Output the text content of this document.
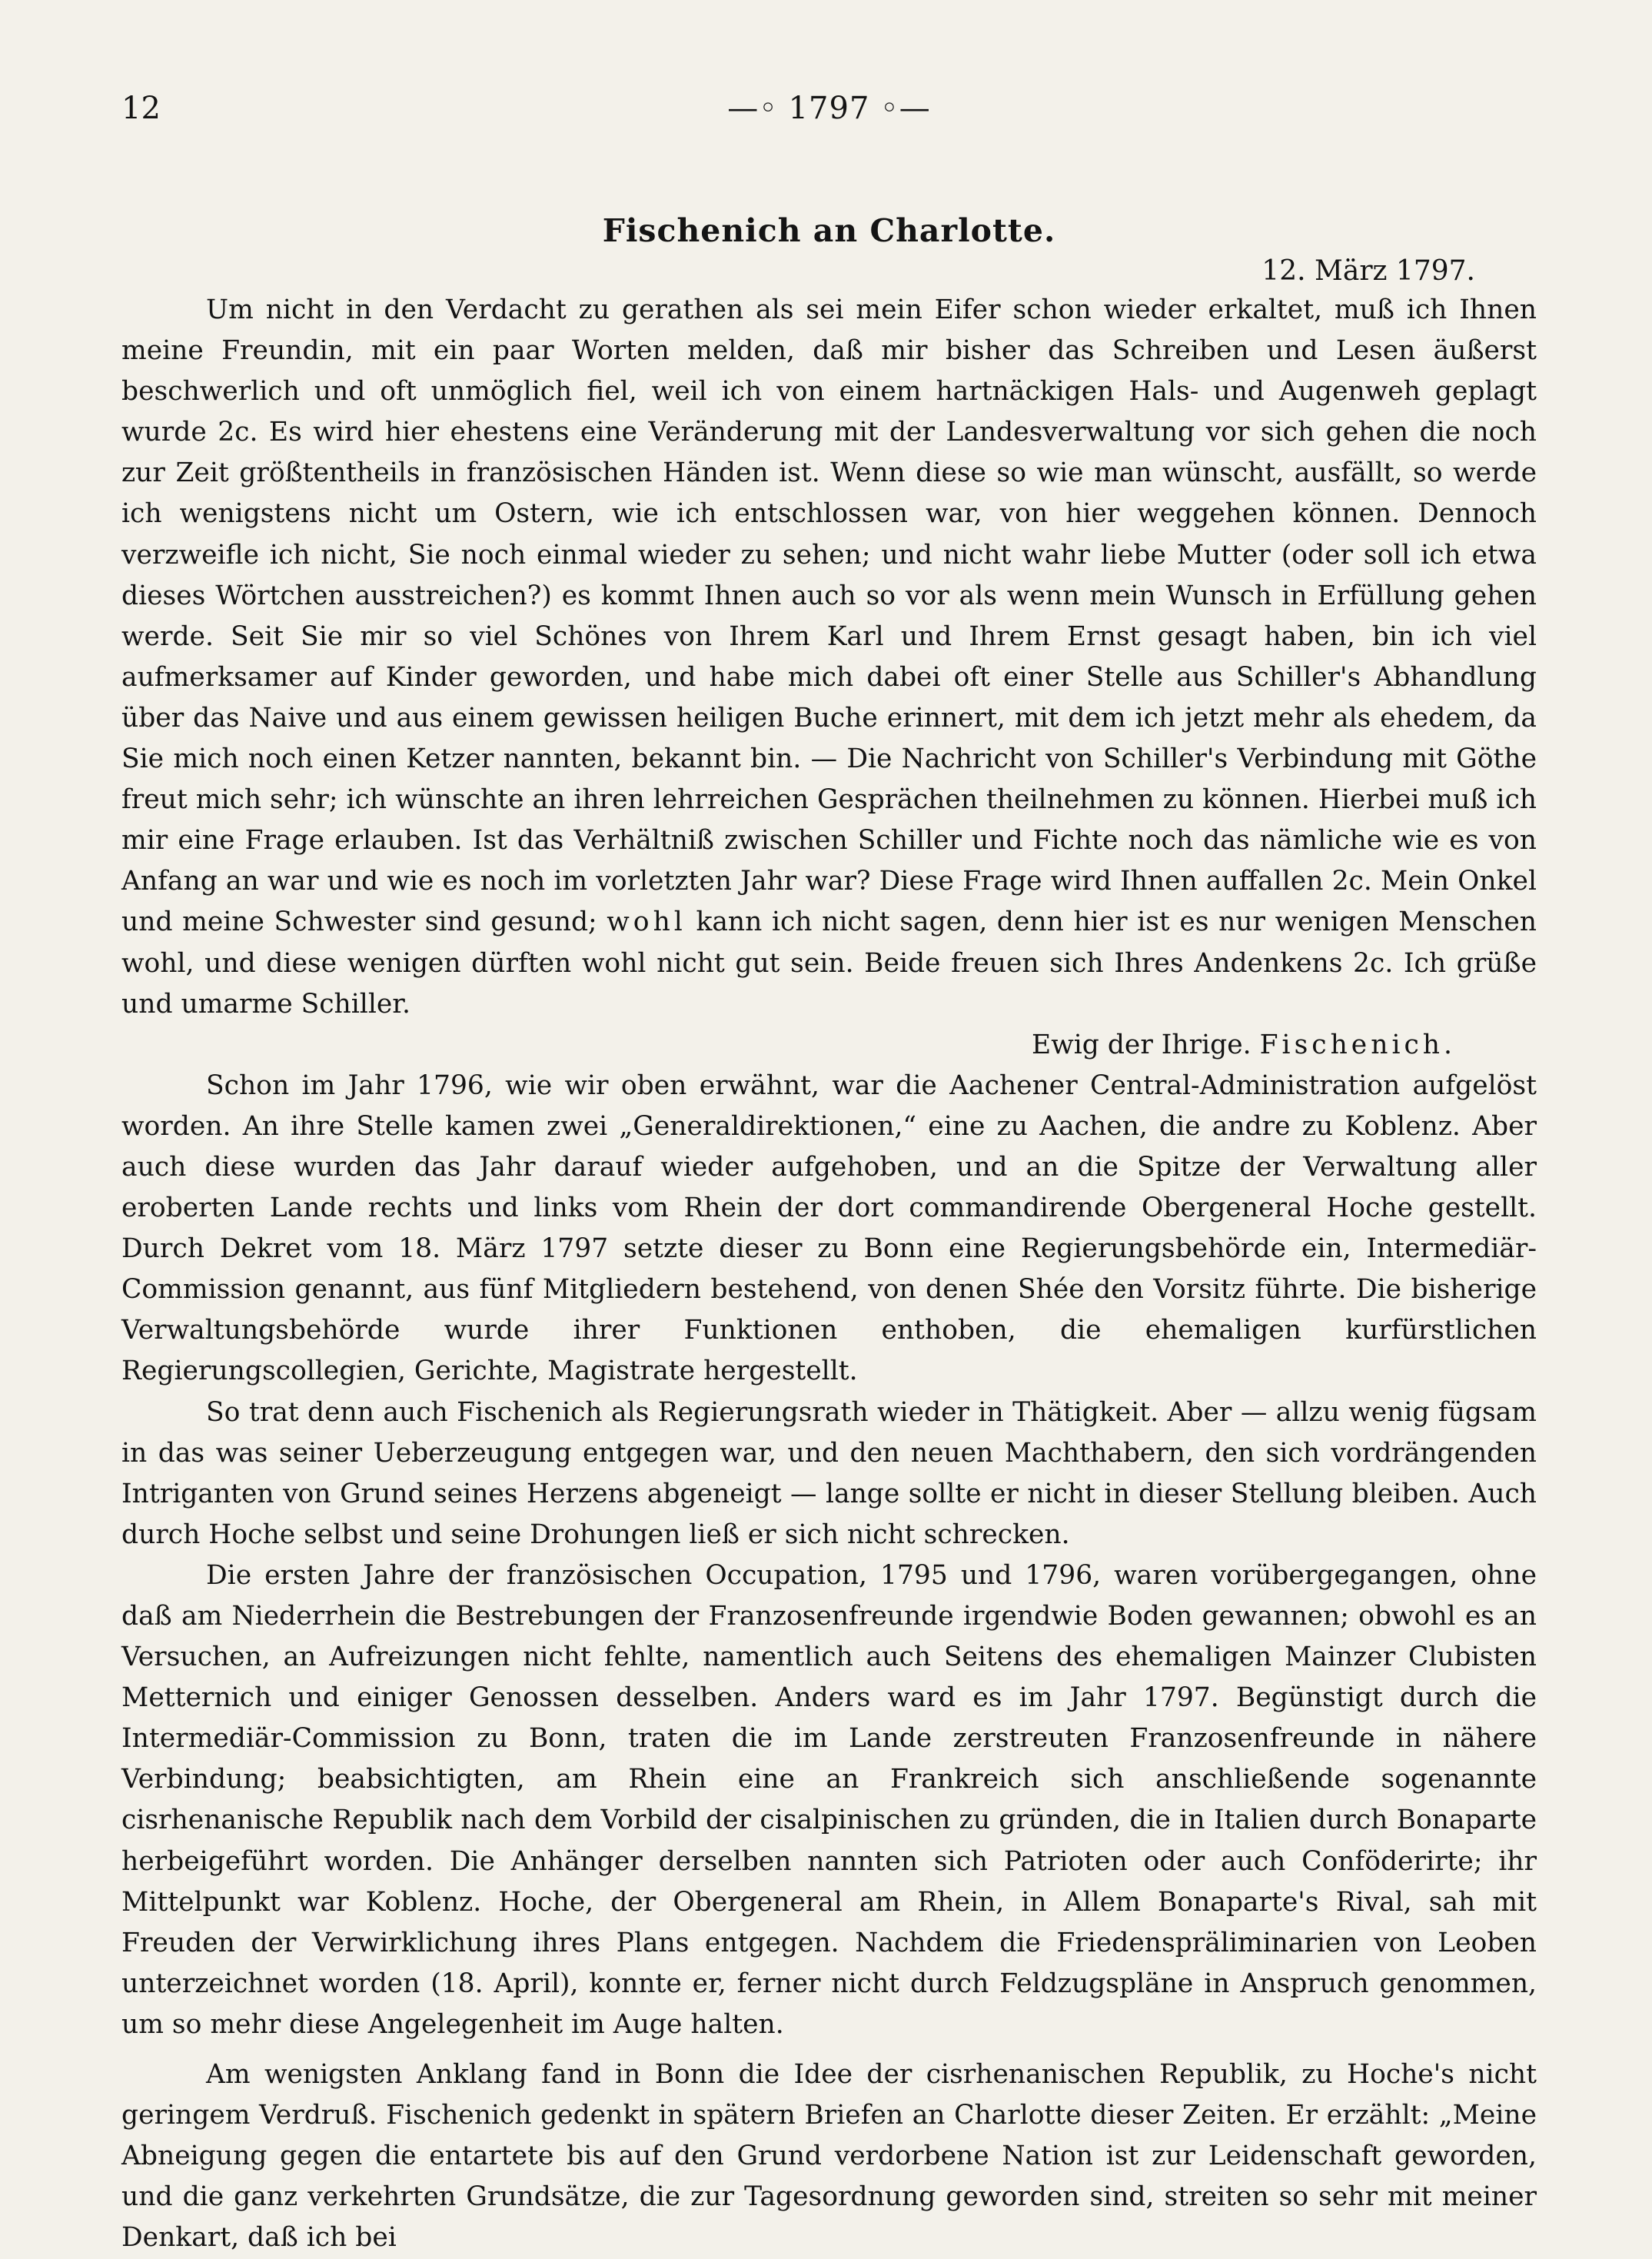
12	—◦ 1797 ◦—
Fischenich an Charlotte.
12. März 1797.

Um nicht in den Verdacht zu gerathen als sei mein Eifer schon wieder erkaltet, muß ich Ihnen meine Freundin, mit ein paar Worten melden, daß mir bisher das Schreiben und Lesen äußerst beschwerlich und oft unmöglich fiel, weil ich von einem hartnäckigen Hals- und Augenweh geplagt wurde 2c. Es wird hier ehestens eine Veränderung mit der Landesverwaltung vor sich gehen die noch zur Zeit größtentheils in französischen Händen ist. Wenn diese so wie man wünscht, ausfällt, so werde ich wenigstens nicht um Ostern, wie ich entschlossen war, von hier weggehen können. Dennoch verzweifle ich nicht, Sie noch einmal wieder zu sehen; und nicht wahr liebe Mutter (oder soll ich etwa dieses Wörtchen ausstreichen?) es kommt Ihnen auch so vor als wenn mein Wunsch in Erfüllung gehen werde. Seit Sie mir so viel Schönes von Ihrem Karl und Ihrem Ernst gesagt haben, bin ich viel aufmerksamer auf Kinder geworden, und habe mich dabei oft einer Stelle aus Schiller's Abhandlung über das Naive und aus einem gewissen heiligen Buche erinnert, mit dem ich jetzt mehr als ehedem, da Sie mich noch einen Ketzer nannten, bekannt bin. — Die Nachricht von Schiller's Verbindung mit Göthe freut mich sehr; ich wünschte an ihren lehrreichen Gesprächen theilnehmen zu können. Hierbei muß ich mir eine Frage erlauben. Ist das Verhältniß zwischen Schiller und Fichte noch das nämliche wie es von Anfang an war und wie es noch im vorletzten Jahr war? Diese Frage wird Ihnen auffallen 2c. Mein Onkel und meine Schwester sind gesund; wohl kann ich nicht sagen, denn hier ist es nur wenigen Menschen wohl, und diese wenigen dürften wohl nicht gut sein. Beide freuen sich Ihres Andenkens 2c. Ich grüße und umarme Schiller.

Ewig der Ihrige. Fischenich.

Schon im Jahr 1796, wie wir oben erwähnt, war die Aachener Central-Administration aufgelöst worden. An ihre Stelle kamen zwei „Generaldirektionen,“ eine zu Aachen, die andre zu Koblenz. Aber auch diese wurden das Jahr darauf wieder aufgehoben, und an die Spitze der Verwaltung aller eroberten Lande rechts und links vom Rhein der dort commandirende Obergeneral Hoche gestellt. Durch Dekret vom 18. März 1797 setzte dieser zu Bonn eine Regierungsbehörde ein, Intermediär-Commission genannt, aus fünf Mitgliedern bestehend, von denen Shée den Vorsitz führte. Die bisherige Verwaltungsbehörde wurde ihrer Funktionen enthoben, die ehemaligen kurfürstlichen Regierungscollegien, Gerichte, Magistrate hergestellt.

So trat denn auch Fischenich als Regierungsrath wieder in Thätigkeit. Aber — allzu wenig fügsam in das was seiner Ueberzeugung entgegen war, und den neuen Machthabern, den sich vordrängenden Intriganten von Grund seines Herzens abgeneigt — lange sollte er nicht in dieser Stellung bleiben. Auch durch Hoche selbst und seine Drohungen ließ er sich nicht schrecken.

Die ersten Jahre der französischen Occupation, 1795 und 1796, waren vorübergegangen, ohne daß am Niederrhein die Bestrebungen der Franzosenfreunde irgendwie Boden gewannen; obwohl es an Versuchen, an Aufreizungen nicht fehlte, namentlich auch Seitens des ehemaligen Mainzer Clubisten Metternich und einiger Genossen desselben. Anders ward es im Jahr 1797. Begünstigt durch die Intermediär-Commission zu Bonn, traten die im Lande zerstreuten Franzosenfreunde in nähere Verbindung; beabsichtigten, am Rhein eine an Frankreich sich anschließende sogenannte cisrhenanische Republik nach dem Vorbild der cisalpinischen zu gründen, die in Italien durch Bonaparte herbeigeführt worden. Die Anhänger derselben nannten sich Patrioten oder auch Conföderirte; ihr Mittelpunkt war Koblenz. Hoche, der Obergeneral am Rhein, in Allem Bonaparte's Rival, sah mit Freuden der Verwirklichung ihres Plans entgegen. Nachdem die Friedenspräliminarien von Leoben unterzeichnet worden (18. April), konnte er, ferner nicht durch Feldzugspläne in Anspruch genommen, um so mehr diese Angelegenheit im Auge halten.

Am wenigsten Anklang fand in Bonn die Idee der cisrhenanischen Republik, zu Hoche's nicht geringem Verdruß. Fischenich gedenkt in spätern Briefen an Charlotte dieser Zeiten. Er erzählt: „Meine Abneigung gegen die entartete bis auf den Grund verdorbene Nation ist zur Leidenschaft geworden, und die ganz verkehrten Grundsätze, die zur Tagesordnung geworden sind, streiten so sehr mit meiner Denkart, daß ich bei
